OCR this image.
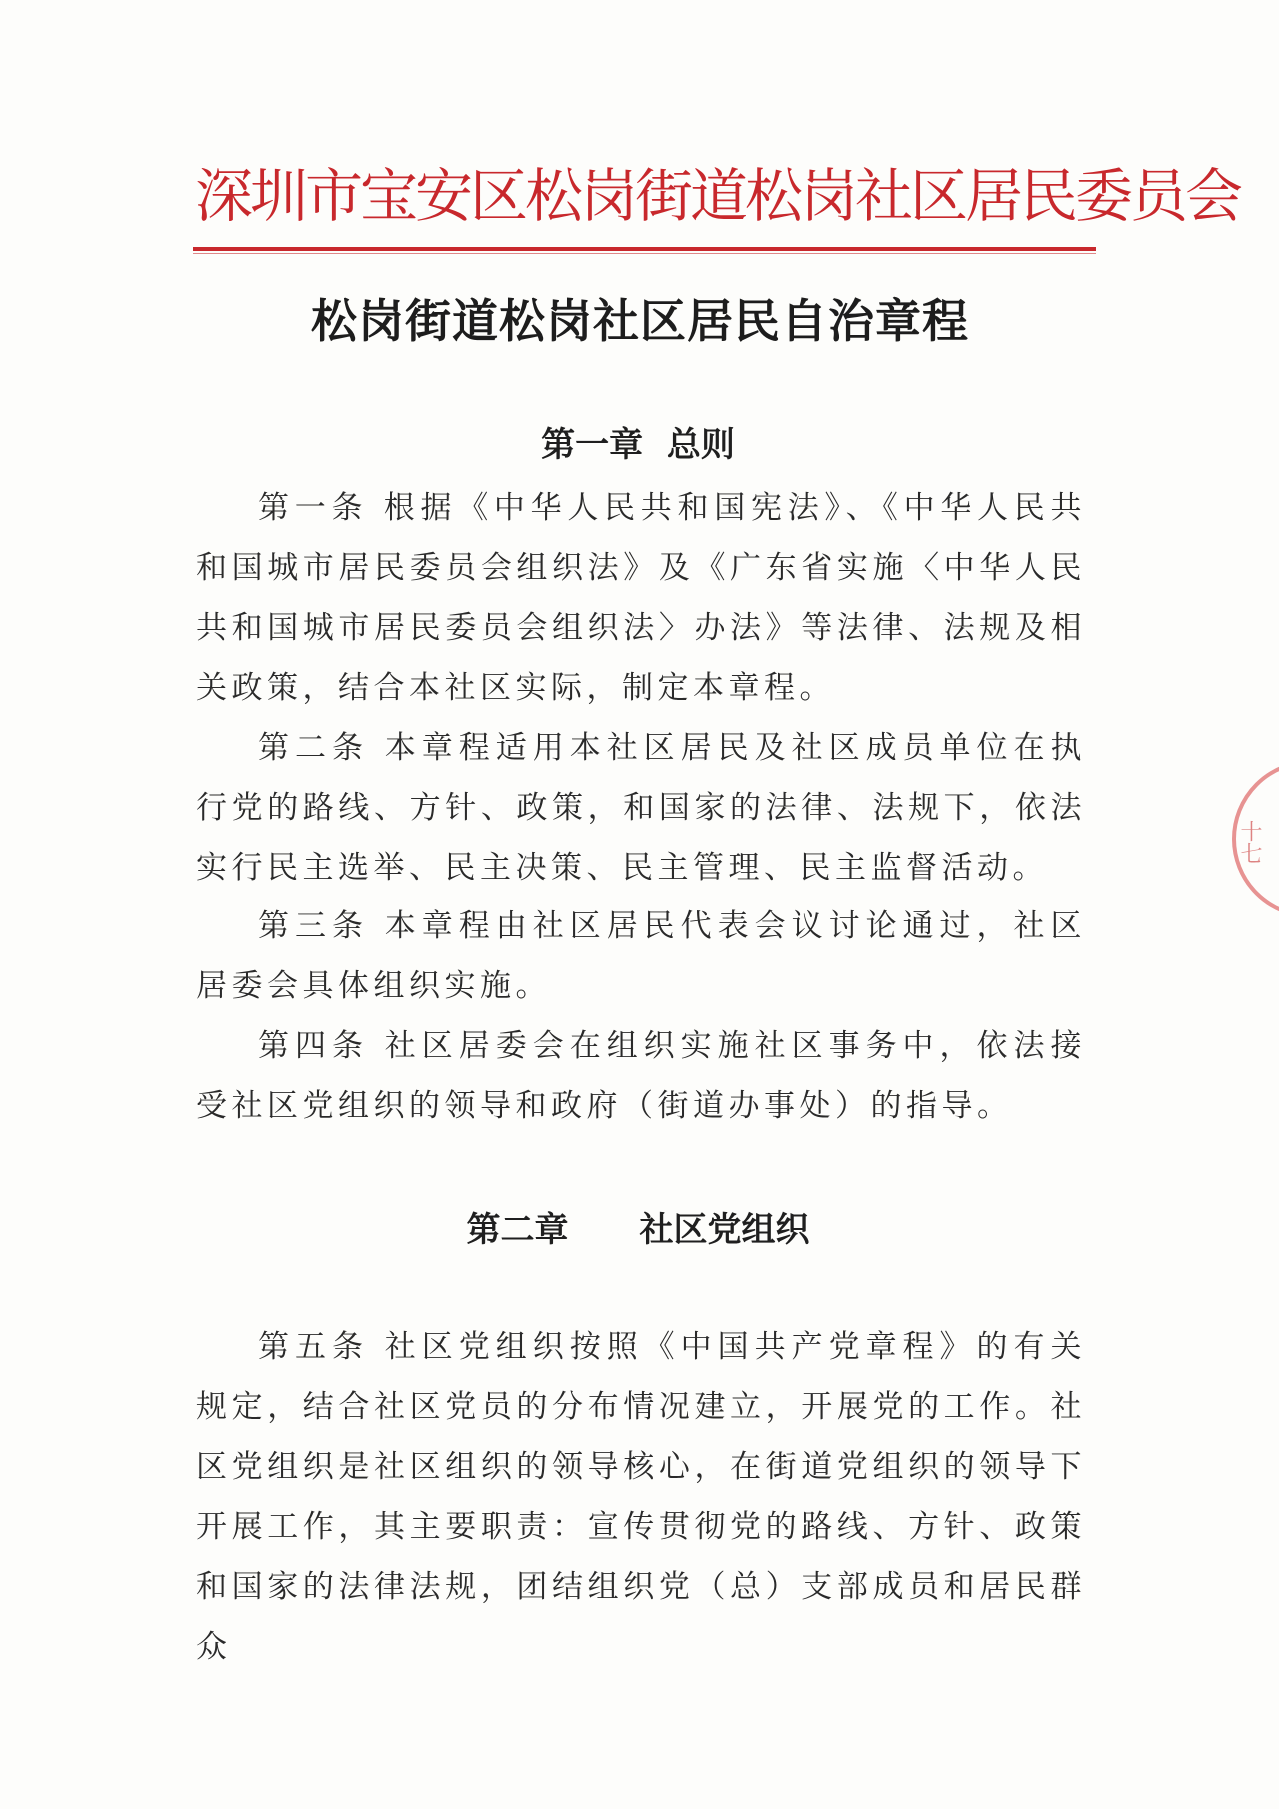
深圳市宝安区松岗街道松岗社区居民委员会
松岗街道松岗社区居民自治章程
第一章  总则
第一条 根据《中华人民共和国宪法》、《中华人民共和国城市居民委员会组织法》及《广东省实施〈中华人民共和国城市居民委员会组织法〉办法》等法律、法规及相关政策，结合本社区实际，制定本章程。
第二条 本章程适用本社区居民及社区成员单位在执行党的路线、方针、政策，和国家的法律、法规下，依法实行民主选举、民主决策、民主管理、民主监督活动。
第三条 本章程由社区居民代表会议讨论通过，社区居委会具体组织实施。
第四条 社区居委会在组织实施社区事务中，依法接受社区党组织的领导和政府（街道办事处）的指导。
第二章      社区党组织
第五条 社区党组织按照《中国共产党章程》的有关规定，结合社区党员的分布情况建立，开展党的工作。社区党组织是社区组织的领导核心，在街道党组织的领导下开展工作，其主要职责：宣传贯彻党的路线、方针、政策和国家的法律法规，团结组织党（总）支部成员和居民群众
十七
